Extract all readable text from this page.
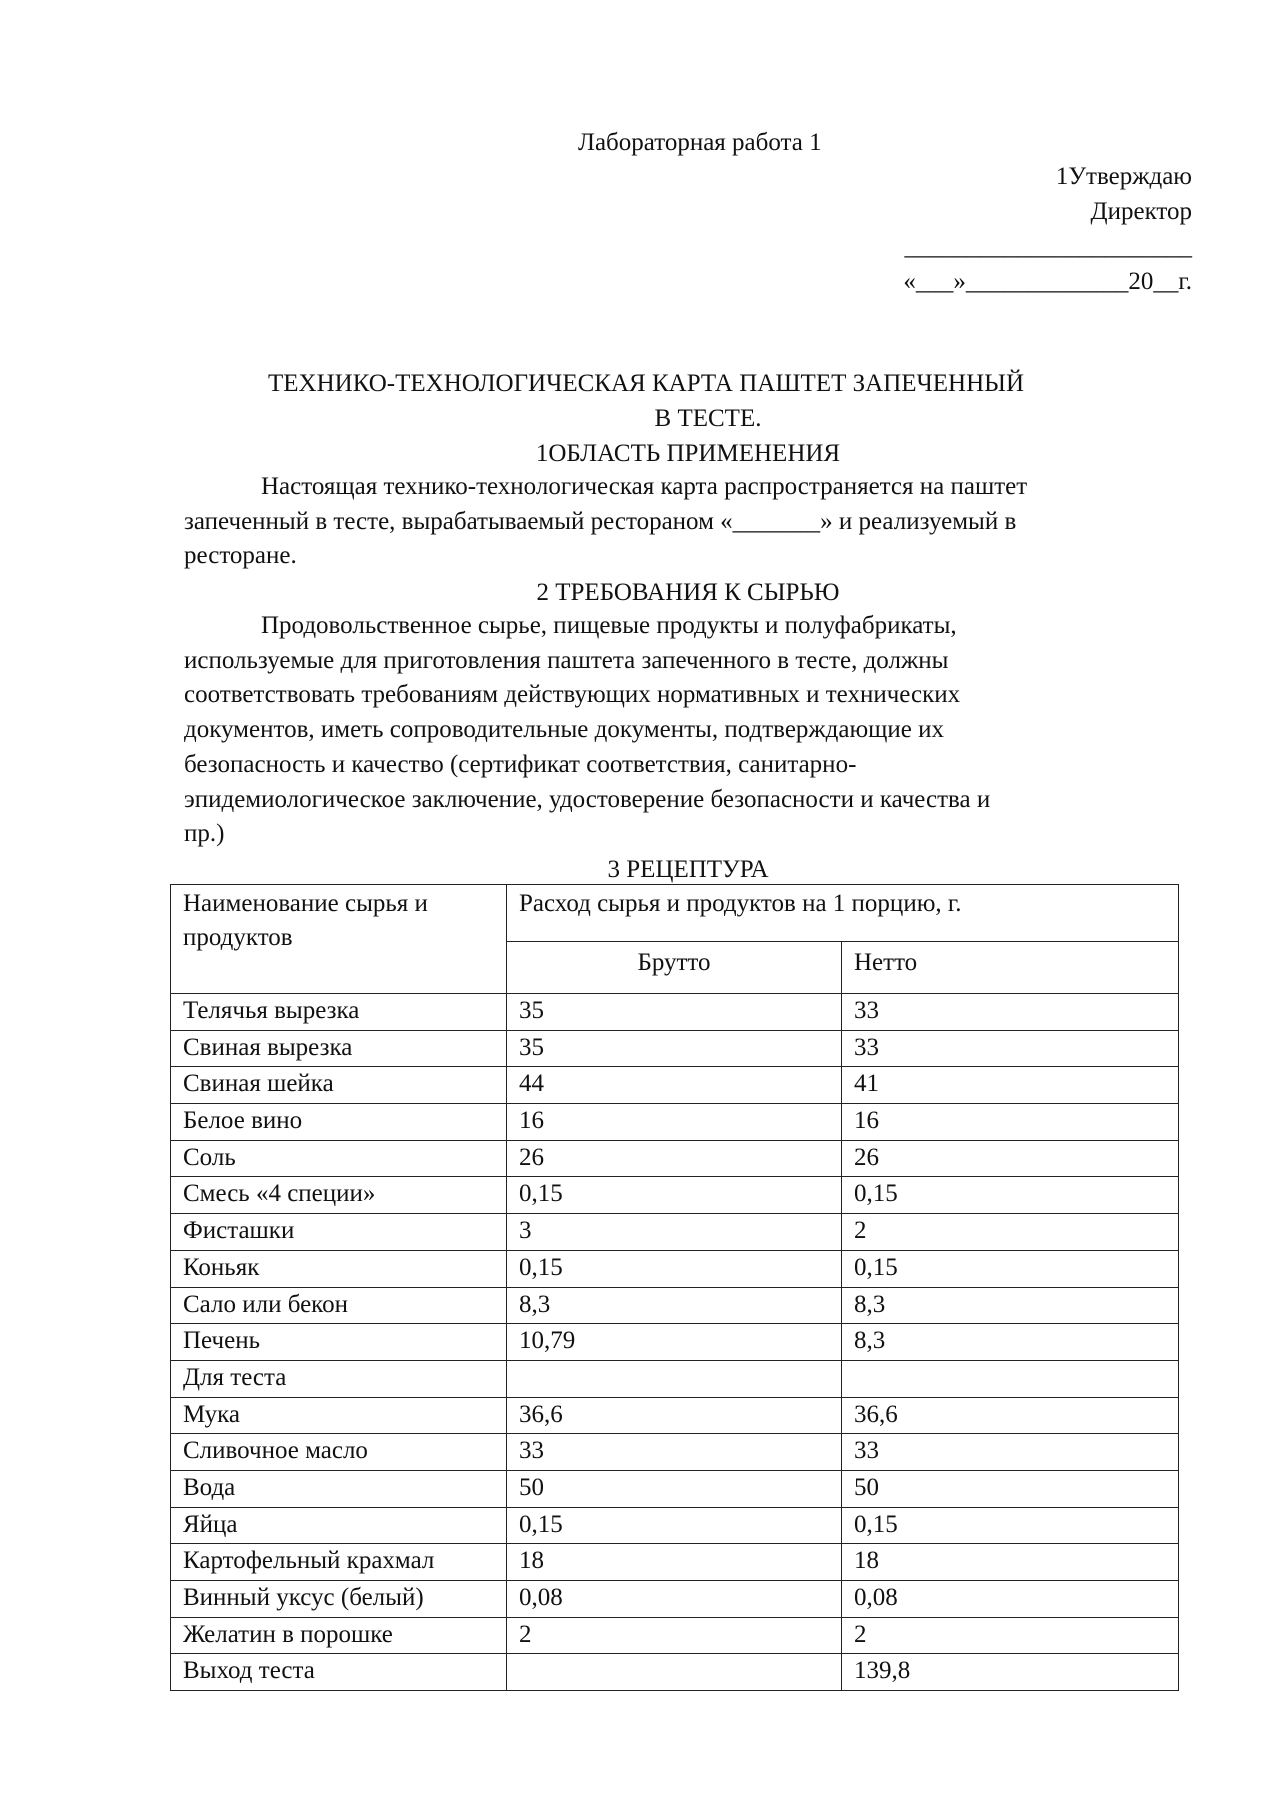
Лабораторная работа 1
1Утверждаю
Директор
_______________________
«___»_____________20__г.
ТЕХНИКО-ТЕХНОЛОГИЧЕСКАЯ КАРТА ПАШТЕТ ЗАПЕЧЕННЫЙ
В ТЕСТЕ.
1ОБЛАСТЬ ПРИМЕНЕНИЯ
Настоящая технико-технологическая карта распространяется на паштет
запеченный в тесте, вырабатываемый рестораном «_______» и реализуемый в
ресторане.
2 ТРЕБОВАНИЯ К СЫРЬЮ
Продовольственное сырье, пищевые продукты и полуфабрикаты,
используемые для приготовления паштета запеченного в тесте, должны
соответствовать требованиям действующих нормативных и технических
документов, иметь сопроводительные документы, подтверждающие их
безопасность и качество (сертификат соответствия, санитарно-
эпидемиологическое заключение, удостоверение безопасности и качества и
пр.)
3 РЕЦЕПТУРА
Наименование сырья и продуктов	Расход сырья и продуктов на 1 порцию, г.	
	Брутто	Нетто
Телячья вырезка	35	33
Свиная вырезка	35	33
Свиная шейка	44	41
Белое вино	16	16
Соль	26	26
Смесь «4 специи»	0,15	0,15
Фисташки	3	2
Коньяк	0,15	0,15
Сало или бекон	8,3	8,3
Печень	10,79	8,3
Для теста		
Мука	36,6	36,6
Сливочное масло	33	33
Вода	50	50
Яйца	0,15	0,15
Картофельный крахмал	18	18
Винный уксус (белый)	0,08	0,08
Желатин в порошке	2	2
Выход теста		139,8
